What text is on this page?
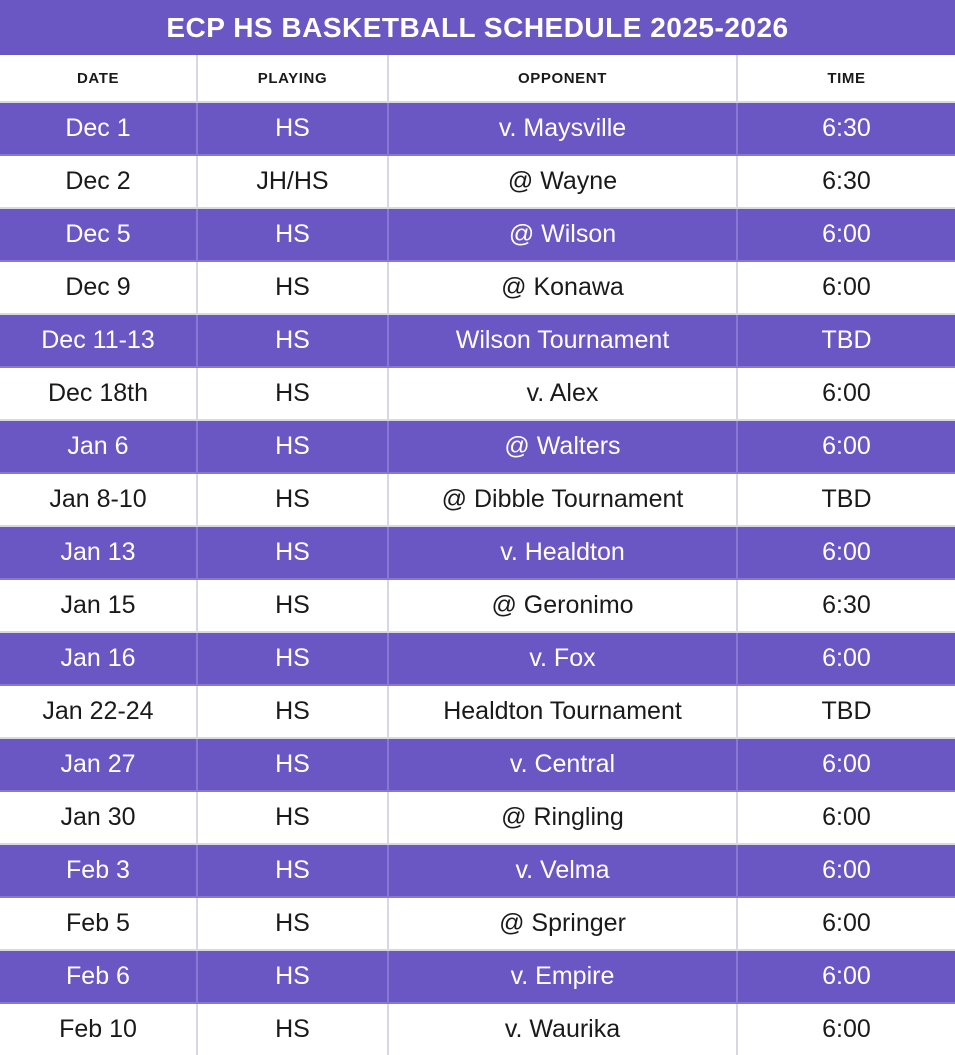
ECP HS BASKETBALL SCHEDULE 2025-2026
DATE	PLAYING	OPPONENT	TIME
Dec 1	HS	v. Maysville	6:30
Dec 2	JH/HS	@ Wayne	6:30
Dec 5	HS	@ Wilson	6:00
Dec 9	HS	@ Konawa	6:00
Dec 11-13	HS	Wilson Tournament	TBD
Dec 18th	HS	v. Alex	6:00
Jan 6	HS	@ Walters	6:00
Jan 8-10	HS	@ Dibble Tournament	TBD
Jan 13	HS	v. Healdton	6:00
Jan 15	HS	@ Geronimo	6:30
Jan 16	HS	v. Fox	6:00
Jan 22-24	HS	Healdton Tournament	TBD
Jan 27	HS	v. Central	6:00
Jan 30	HS	@ Ringling	6:00
Feb 3	HS	v. Velma	6:00
Feb 5	HS	@ Springer	6:00
Feb 6	HS	v. Empire	6:00
Feb 10	HS	v. Waurika	6:00
